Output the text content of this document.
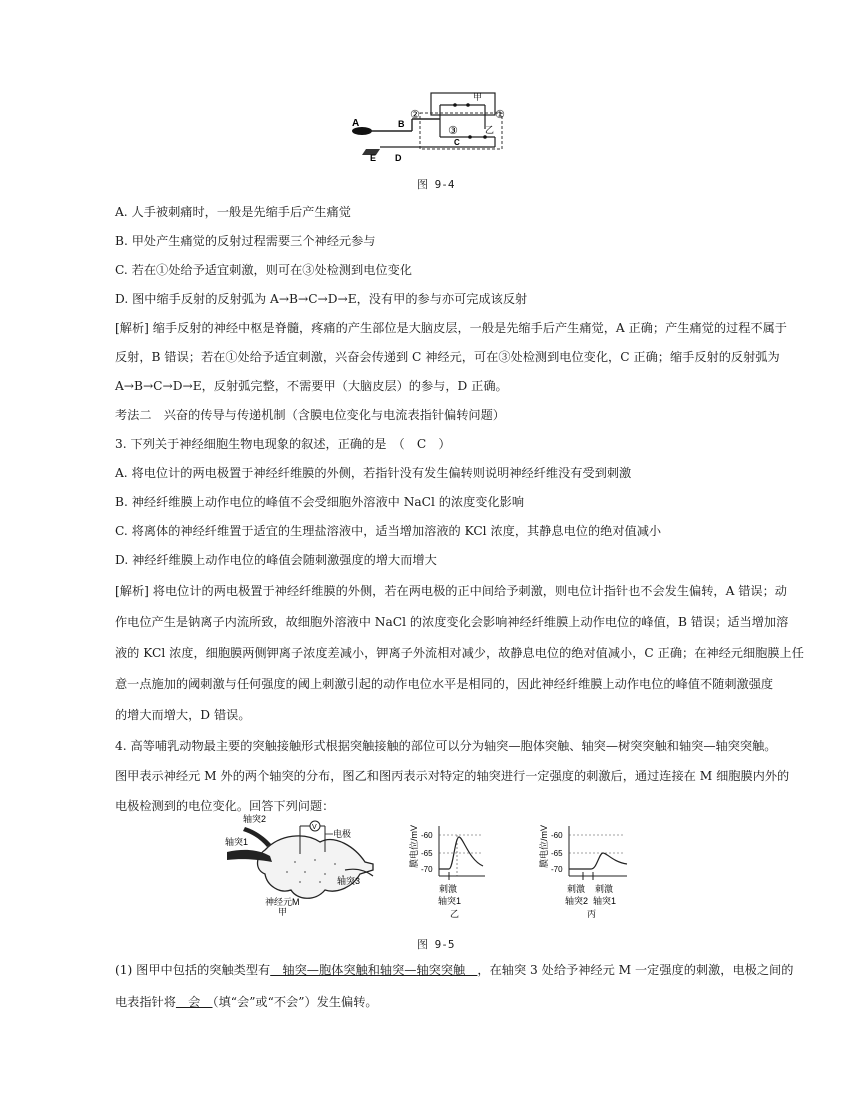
A	B
C
D
E
甲
乙
①
②
③
图 9-4
A. 人手被刺痛时，一般是先缩手后产生痛觉
B. 甲处产生痛觉的反射过程需要三个神经元参与
C. 若在①处给予适宜刺激，则可在③处检测到电位变化
D. 图中缩手反射的反射弧为 A→B→C→D→E，没有甲的参与亦可完成该反射
[解析] 缩手反射的神经中枢是脊髓，疼痛的产生部位是大脑皮层，一般是先缩手后产生痛觉，A 正确；产生痛觉的过程不属于
反射，B 错误；若在①处给予适宜刺激，兴奋会传递到 C 神经元，可在③处检测到电位变化，C 正确；缩手反射的反射弧为
A→B→C→D→E，反射弧完整，不需要甲（大脑皮层）的参与，D 正确。
考法二　兴奋的传导与传递机制（含膜电位变化与电流表指针偏转问题）
3. 下列关于神经细胞生物电现象的叙述，正确的是　（　C　）
A. 将电位计的两电极置于神经纤维膜的外侧，若指针没有发生偏转则说明神经纤维没有受到刺激
B. 神经纤维膜上动作电位的峰值不会受细胞外溶液中 NaCl 的浓度变化影响
C. 将离体的神经纤维置于适宜的生理盐溶液中，适当增加溶液的 KCl 浓度，其静息电位的绝对值减小
D. 神经纤维膜上动作电位的峰值会随刺激强度的增大而增大
[解析] 将电位计的两电极置于神经纤维膜的外侧，若在两电极的正中间给予刺激，则电位计指针也不会发生偏转，A 错误；动
作电位产生是钠离子内流所致，故细胞外溶液中 NaCl 的浓度变化会影响神经纤维膜上动作电位的峰值，B 错误；适当增加溶
液的 KCl 浓度，细胞膜两侧钾离子浓度差减小，钾离子外流相对减少，故静息电位的绝对值减小，C 正确；在神经元细胞膜上任
意一点施加的阈刺激与任何强度的阈上刺激引起的动作电位水平是相同的，因此神经纤维膜上动作电位的峰值不随刺激强度
的增大而增大，D 错误。
4. 高等哺乳动物最主要的突触接触形式根据突触接触的部位可以分为轴突—胞体突触、轴突—树突突触和轴突—轴突突触。
图甲表示神经元 M 外的两个轴突的分布，图乙和图丙表示对特定的轴突进行一定强度的刺激后，通过连接在 M 细胞膜内外的
电极检测到的电位变化。回答下列问题：
V
轴突2
轴突1
电极
轴突3
神经元M
甲
膜电位/mV -60
-65
-70
刺激
轴突1
乙
膜电位/mV -60
-65
-70
刺激 刺激
轴突2 轴突1
丙
图 9-5
(1) 图甲中包括的突触类型有　轴突—胞体突触和轴突—轴突突触　，在轴突 3 处给予神经元 M 一定强度的刺激，电极之间的
电表指针将　会　（填“会”或“不会”）发生偏转。
